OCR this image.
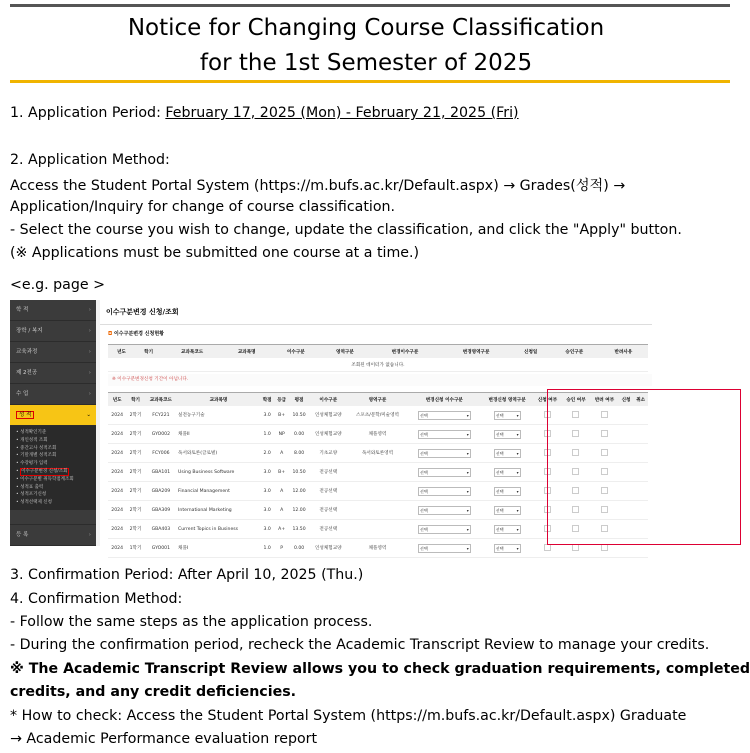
Notice for Changing Course Classification
for the 1st Semester of 2025
1. Application Period: February 17, 2025 (Mon) - February 21, 2025 (Fri)
2. Application Method:
Access the Student Portal System (https://m.bufs.ac.kr/Default.aspx) → Grades(성적) →
Application/Inquiry for change of course classification.
- Select the course you wish to change, update the classification, and click the "Apply" button.
(※ Applications must be submitted one course at a time.)
<e.g. page >
학 적	›
장학 / 복지	›
교육과정	›
제 2전공	›
수 업	›
성 적	⌄
• 성적확인기준
• 개인성적 조회
• 중간고사 성적조회
• 기말개별 성적조회
• 수강평가 입력
• 이수구분변경 신청/조회
• 이수구분별 취득학점계조회
• 성적표 출력
• 성적포기신청
• 성적선택제 신청
등 록	›
이수구분변경 신청/조회
◘ 이수구분변경 신청현황
년도	학기	교과목코드	교과목명	이수구분	영역구분	변경이수구분	변경영역구분	신청일	승인구분	반려사유
조회된 데이터가 없습니다.
※ 이수구분변경신청 기간이 아닙니다.
년도	학기	교과목코드	교과목명	학점	등급	평점	이수구분	영역구분	변경신청 이수구분	변경신청 영역구분	신청 여부	승인 여부	반려 여부	신청	취소
2024	2학기	FCY221	실전농구기술	3.0	B+	10.50	인성체험교양	스포츠/문학/미술영역	선택 ▾	선택 ▾					
2024	2학기	GYO002	채플II	1.0	NP	0.00	인성체험교양	채플영역	선택 ▾	선택 ▾					
2024	2학기	FCY006	독서와토론(글로벌)	2.0	A	8.00	기초교양	독서와토론영역	선택 ▾	선택 ▾					
2024	2학기	GBA101	Using Business Software	3.0	B+	10.50	전공선택		선택 ▾	선택 ▾					
2024	2학기	GBA209	Financial Management	3.0	A	12.00	전공선택		선택 ▾	선택 ▾					
2024	2학기	GBA309	International Marketing	3.0	A	12.00	전공선택		선택 ▾	선택 ▾					
2024	2학기	GBA403	Current Topics in Business	3.0	A+	13.50	전공선택		선택 ▾	선택 ▾					
2024	1학기	GYO001	채플I	1.0	P	0.00	인성체험교양	채플영역	선택 ▾	선택 ▾					
3. Confirmation Period: After April 10, 2025 (Thu.)
4. Confirmation Method:
- Follow the same steps as the application process.
- During the confirmation period, recheck the Academic Transcript Review to manage your credits.
※ The Academic Transcript Review allows you to check graduation requirements, completed
credits, and any credit deficiencies.
* How to check: Access the Student Portal System (https://m.bufs.ac.kr/Default.aspx) Graduate
→ Academic Performance evaluation report
